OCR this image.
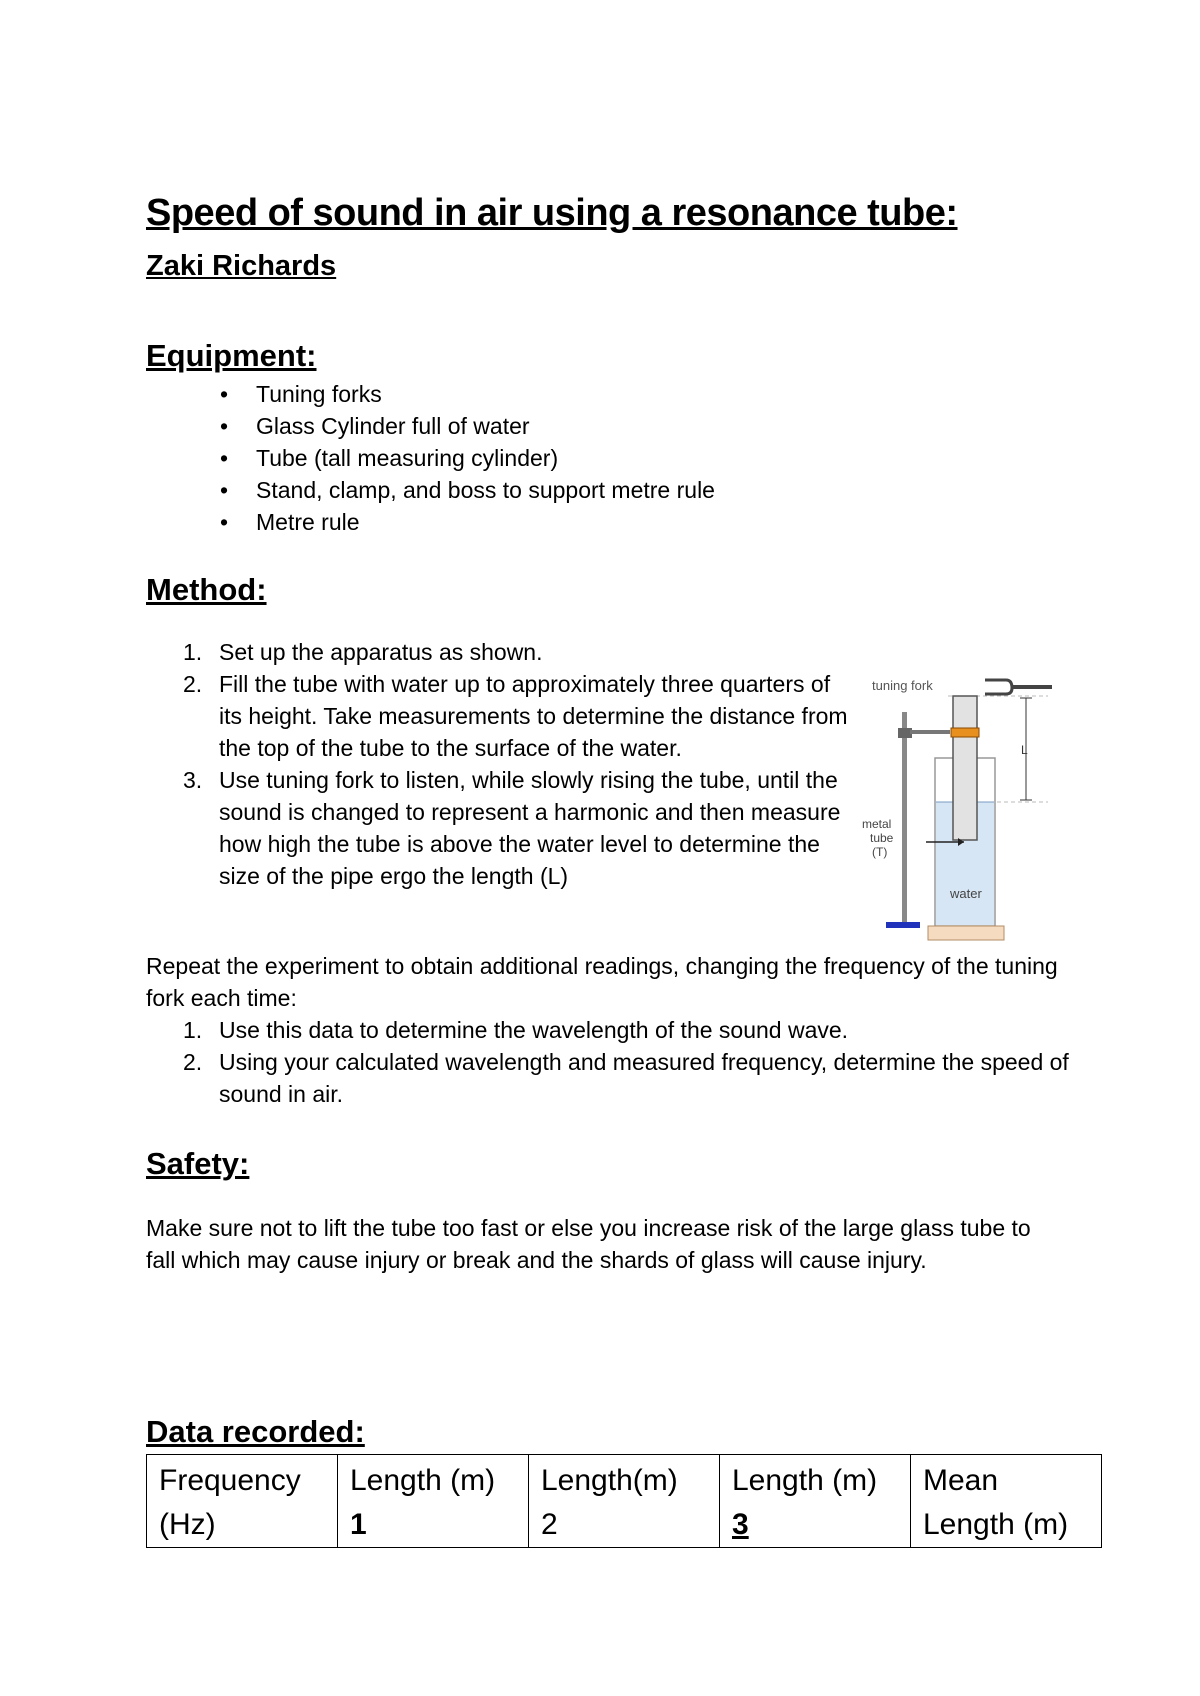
Speed of sound in air using a resonance tube:
Zaki Richards
Equipment:
• Tuning forks
• Glass Cylinder full of water
• Tube (tall measuring cylinder)
• Stand, clamp, and boss to support metre rule
• Metre rule
Method:
1. Set up the apparatus as shown.
2. Fill the tube with water up to approximately three quarters of its height. Take measurements to determine the distance from the top of the tube to the surface of the water.
3. Use tuning fork to listen, while slowly rising the tube, until the sound is changed to represent a harmonic and then measure how high the tube is above the water level to determine the size of the pipe ergo the length (L)
tuning fork
L
metal
tube
(T)
water
Repeat the experiment to obtain additional readings, changing the frequency of the tuning fork each time:
1. Use this data to determine the wavelength of the sound wave.
2. Using your calculated wavelength and measured frequency, determine the speed of sound in air.
Safety:
Make sure not to lift the tube too fast or else you increase risk of the large glass tube to fall which may cause injury or break and the shards of glass will cause injury.
Data recorded:
Frequency
(Hz)

Length (m)
1

Length(m)
2

Length (m)
3

Mean
Length (m)
